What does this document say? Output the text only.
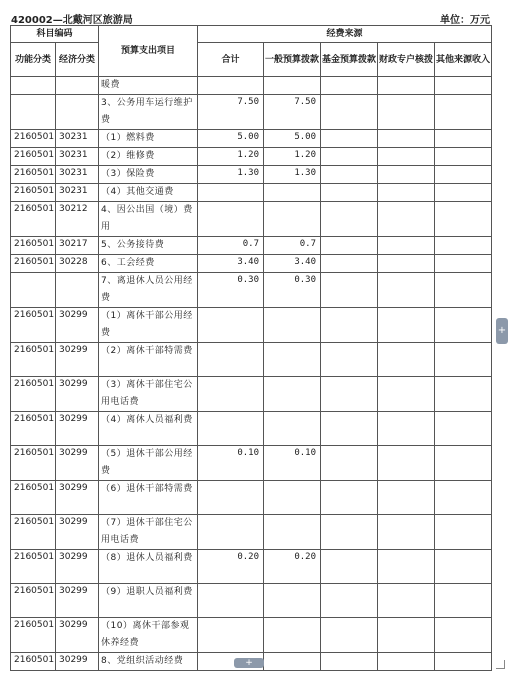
420002—北戴河区旅游局	单位：万元
科目编码		预算支出项目	经费来源				
功能分类	经济分类		合计	一般预算拨款	基金预算拨款	财政专户核拨	其他来源收入
		暖费					
		3、公务用车运行维护费	7.50	7.50			
2160501	30231	（1）燃料费	5.00	5.00			
2160501	30231	（2）维修费	1.20	1.20			
2160501	30231	（3）保险费	1.30	1.30			
2160501	30231	（4）其他交通费					
2160501	30212	4、因公出国（境）费用					
2160501	30217	5、公务接待费	0.7	0.7			
2160501	30228	6、工会经费	3.40	3.40			
		7、离退休人员公用经费	0.30	0.30			
2160501	30299	（1）离休干部公用经费					
2160501	30299	（2）离休干部特需费					
2160501	30299	（3）离休干部住宅公用电话费					
2160501	30299	（4）离休人员福利费					
2160501	30299	（5）退休干部公用经费	0.10	0.10			
2160501	30299	（6）退休干部特需费					
2160501	30299	（7）退休干部住宅公用电话费					
2160501	30299	（8）退休人员福利费	0.20	0.20			
2160501	30299	（9）退职人员福利费					
2160501	30299	（10）离休干部参观休养经费					
2160501	30299	8、党组织活动经费					
+
+
